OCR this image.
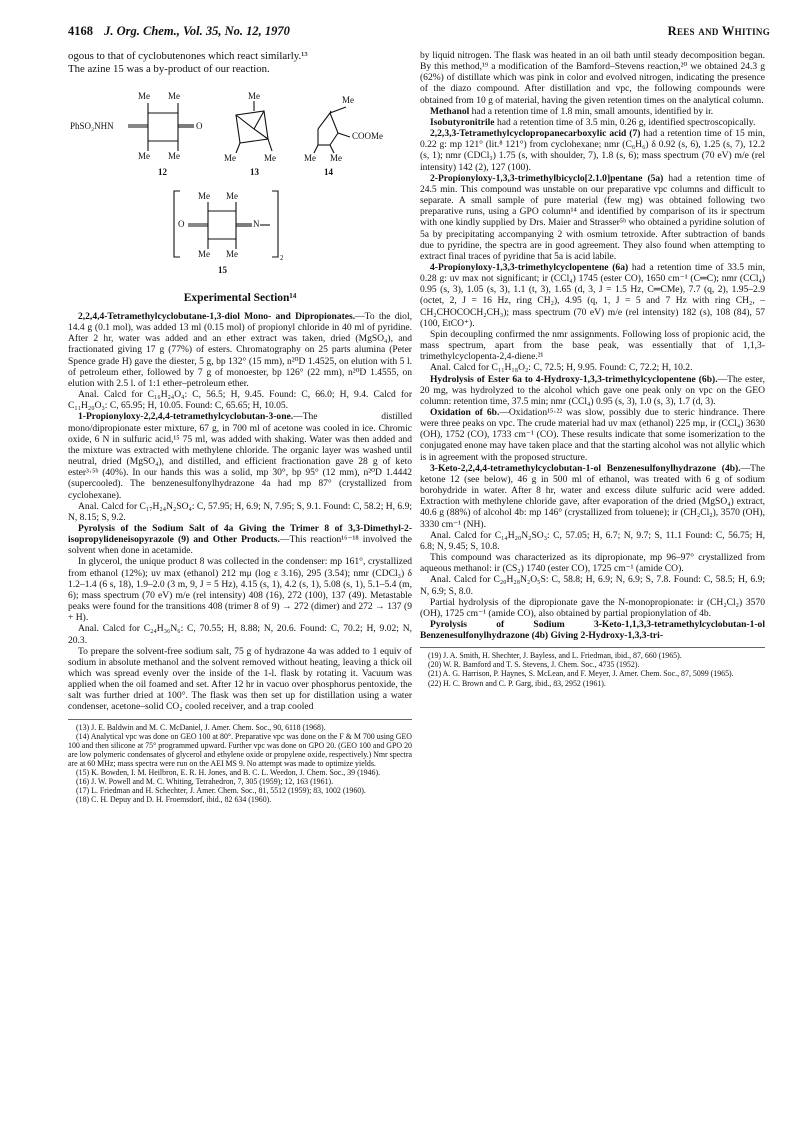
4168 J. Org. Chem., Vol. 35, No. 12, 1970	Rees and Whiting

ogous to that of cyclobutenones which react similarly.¹³

The azine 15 was a by-product of our reaction.

Me Me
PhSO₂NHN	O
Me Me
12
Me
Me	Me
13
Me
COOMe
Me Me
14
Me Me
O	N
Me Me	2
15
Experimental Section¹⁴

2,2,4,4-Tetramethylcyclobutane-1,3-diol Mono- and Dipropionates.—To the diol, 14.4 g (0.1 mol), was added 13 ml (0.15 mol) of propionyl chloride in 40 ml of pyridine. After 2 hr, water was added and an ether extract was taken, dried (MgSO₄), and fractionated giving 17 g (77%) of esters. Chromatography on 25 parts alumina (Peter Spence grade H) gave the diester, 5 g, bp 132° (15 mm), n²⁰D 1.4525, on elution with 5 l. of petroleum ether, followed by 7 g of monoester, bp 126° (22 mm), n²⁰D 1.4555, on elution with 2.5 l. of 1:1 ether–petroleum ether.

Anal. Calcd for C₁₆H₂₄O₄: C, 56.5; H, 9.45. Found: C, 66.0; H, 9.4. Calcd for C₁₁H₂₀O₃: C, 65.95; H, 10.05. Found: C, 65.65; H, 10.05.

1-Propionyloxy-2,2,4,4-tetramethylcyclobutan-3-one.—The distilled mono/dipropionate ester mixture, 67 g, in 700 ml of acetone was cooled in ice. Chromic oxide, 6 N in sulfuric acid,¹⁵ 75 ml, was added with shaking. Water was then added and the mixture was extracted with methylene chloride. The organic layer was washed until neutral, dried (MgSO₄), and distilled, and efficient fractionation gave 28 g of keto ester³·⁵ᵇ (40%). In our hands this was a solid, mp 30°, bp 95° (12 mm), n²⁰D 1.4442 (supercooled). The benzenesulfonylhydrazone 4a had mp 87° (crystallized from cyclohexane).

Anal. Calcd for C₁₇H₂₄N₂SO₄: C, 57.95; H, 6.9; N, 7.95; S, 9.1. Found: C, 58.2; H, 6.9; N, 8.15; S, 9.2.

Pyrolysis of the Sodium Salt of 4a Giving the Trimer 8 of 3,3-Dimethyl-2-isopropylideneisopyrazole (9) and Other Products.—This reaction¹⁶⁻¹⁸ involved the solvent when done in acetamide.

In glycerol, the unique product 8 was collected in the condenser: mp 161°, crystallized from ethanol (12%); uv max (ethanol) 212 mμ (log ε 3.16), 295 (3.54); nmr (CDCl₃) δ 1.2–1.4 (6 s, 18), 1.9–2.0 (3 m, 9, J = 5 Hz), 4.15 (s, 1), 4.2 (s, 1), 5.08 (s, 1), 5.1–5.4 (m, 6); mass spectrum (70 eV) m/e (rel intensity) 408 (16), 272 (100), 137 (49). Metastable peaks were found for the transitions 408 (trimer 8 of 9) → 272 (dimer) and 272 → 137 (9 + H).

Anal. Calcd for C₂₄H₃₆N₆: C, 70.55; H, 8.88; N, 20.6. Found: C, 70.2; H, 9.02; N, 20.3.

To prepare the solvent-free sodium salt, 75 g of hydrazone 4a was added to 1 equiv of sodium in absolute methanol and the solvent removed without heating, leaving a thick oil which was spread evenly over the inside of the 1-l. flask by rotating it. Vacuum was applied when the oil foamed and set. After 12 hr in vacuo over phosphorus pentoxide, the salt was further dried at 100°. The flask was then set up for distillation using a water condenser, acetone–solid CO₂ cooled receiver, and a trap cooled

(13) J. E. Baldwin and M. C. McDaniel, J. Amer. Chem. Soc., 90, 6118 (1968).

(14) Analytical vpc was done on GEO 100 at 80°. Preparative vpc was done on the F & M 700 using GEO 100 and then silicone at 75° programmed upward. Further vpc was done on GPO 20. (GEO 100 and GPO 20 are low polymeric condensates of glycerol and ethylene oxide or propylene oxide, respectively.) Nmr spectra are at 60 MHz; mass spectra were run on the AEI MS 9. No attempt was made to optimize yields.

(15) K. Bowden, I. M. Heilbron, E. R. H. Jones, and B. C. L. Weedon, J. Chem. Soc., 39 (1946).

(16) J. W. Powell and M. C. Whiting, Tetrahedron, 7, 305 (1959); 12, 163 (1961).

(17) L. Friedman and H. Schechter, J. Amer. Chem. Soc., 81, 5512 (1959); 83, 1002 (1960).

(18) C. H. Depuy and D. H. Froemsdorf, ibid., 82 634 (1960).

by liquid nitrogen. The flask was heated in an oil bath until steady decomposition began. By this method,¹⁹ a modification of the Bamford–Stevens reaction,²⁰ we obtained 24.3 g (62%) of distillate which was pink in color and evolved nitrogen, indicating the presence of the diazo compound. After distillation and vpc, the following compounds were obtained from 10 g of material, having the given retention times on the analytical column.

Methanol had a retention time of 1.8 min, small amounts, identified by ir.

Isobutyronitrile had a retention time of 3.5 min, 0.26 g, identified spectroscopically.

2,2,3,3-Tetramethylcyclopropanecarboxylic acid (7) had a retention time of 15 min, 0.22 g: mp 121° (lit.⁸ 121°) from cyclohexane; nmr (C₆H₆) δ 0.92 (s, 6), 1.25 (s, 7), 12.2 (s, 1); nmr (CDCl₃) 1.75 (s, with shoulder, 7), 1.8 (s, 6); mass spectrum (70 eV) m/e (rel intensity) 142 (2), 127 (100).

2-Propionyloxy-1,3,3-trimethylbicyclo[2.1.0]pentane (5a) had a retention time of 24.5 min. This compound was unstable on our preparative vpc columns and difficult to separate. A small sample of pure material (few mg) was obtained following two preparative runs, using a GPO column¹⁴ and identified by comparison of its ir spectrum with one kindly supplied by Drs. Maier and Strasser⁵ᵇ who obtained a pyridine solution of 5a by precipitating accompanying 2 with osmium tetroxide. After subtraction of bands due to pyridine, the spectra are in good agreement. They also found when attempting to extract final traces of pyridine that 5a is acid labile.

4-Propionyloxy-1,3,3-trimethylcyclopentene (6a) had a retention time of 33.5 min, 0.28 g: uv max not significant; ir (CCl₄) 1745 (ester CO), 1650 cm⁻¹ (C═C); nmr (CCl₄) 0.95 (s, 3), 1.05 (s, 3), 1.1 (t, 3), 1.65 (d, 3, J = 1.5 Hz, C═CMe), 7.7 (q, 2), 1.95–2.9 (octet, 2, J = 16 Hz, ring CH₂), 4.95 (q, 1, J = 5 and 7 Hz with ring CH₂, –CH₂CHOCOCH₂CH₃); mass spectrum (70 eV) m/e (rel intensity) 182 (s), 108 (84), 57 (100, EtCO⁺).

Spin decoupling confirmed the nmr assignments. Following loss of propionic acid, the mass spectrum, apart from the base peak, was essentially that of 1,1,3-trimethylcyclopenta-2,4-diene.²¹

Anal. Calcd for C₁₁H₁₈O₂: C, 72.5; H, 9.95. Found: C, 72.2; H, 10.2.

Hydrolysis of Ester 6a to 4-Hydroxy-1,3,3-trimethylcyclopentene (6b).—The ester, 20 mg, was hydrolyzed to the alcohol which gave one peak only on vpc on the GEO column: retention time, 37.5 min; nmr (CCl₄) 0.95 (s, 3), 1.0 (s, 3), 1.7 (d, 3).

Oxidation of 6b.—Oxidation¹⁵·²² was slow, possibly due to steric hindrance. There were three peaks on vpc. The crude material had uv max (ethanol) 225 mμ, ir (CCl₄) 3630 (OH), 1752 (CO), 1733 cm⁻¹ (CO). These results indicate that some isomerization to the conjugated enone may have taken place and that the starting alcohol was not allylic which is in agreement with the proposed structure.

3-Keto-2,2,4,4-tetramethylcyclobutan-1-ol Benzenesulfonylhydrazone (4b).—The ketone 12 (see below), 46 g in 500 ml of ethanol, was treated with 6 g of sodium borohydride in water. After 8 hr, water and excess dilute sulfuric acid were added. Extraction with methylene chloride gave, after evaporation of the dried (MgSO₄) extract, 40.6 g (88%) of alcohol 4b: mp 146° (crystallized from toluene); ir (CH₂Cl₂), 3570 (OH), 3330 cm⁻¹ (NH).

Anal. Calcd for C₁₄H₂₀N₂SO₃: C, 57.05; H, 6.7; N, 9.7; S, 11.1 Found: C, 56.75; H, 6.8; N, 9.45; S, 10.8.

This compound was characterized as its dipropionate, mp 96–97° crystallized from aqueous methanol: ir (CS₂) 1740 (ester CO), 1725 cm⁻¹ (amide CO).

Anal. Calcd for C₂₀H₂₈N₂O₅S: C, 58.8; H, 6.9; N, 6.9; S, 7.8. Found: C, 58.5; H, 6.9; N, 6.9; S, 8.0.

Partial hydrolysis of the dipropionate gave the N-monopropionate: ir (CH₂Cl₂) 3570 (OH), 1725 cm⁻¹ (amide CO), also obtained by partial propionylation of 4b.

Pyrolysis of Sodium 3-Keto-1,1,3,3-tetramethylcyclobutan-1-ol Benzenesulfonylhydrazone (4b) Giving 2-Hydroxy-1,3,3-tri-

(19) J. A. Smith, H. Shechter, J. Bayless, and L. Friedman, ibid., 87, 660 (1965).

(20) W. R. Bamford and T. S. Stevens, J. Chem. Soc., 4735 (1952).

(21) A. G. Harrison, P. Haynes, S. McLean, and F. Meyer, J. Amer. Chem. Soc., 87, 5099 (1965).

(22) H. C. Brown and C. P. Garg, ibid., 83, 2952 (1961).
